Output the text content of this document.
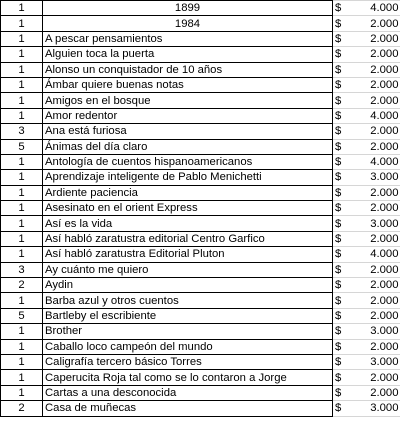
1	1899	$	4.000
1	1984	$	2.000
1	A pescar pensamientos	$	2.000
1	Alguien toca la puerta	$	2.000
1	Alonso un conquistador de 10 años	$	2.000
1	Ámbar quiere buenas notas	$	2.000
1	Amigos en el bosque	$	2.000
1	Amor redentor	$	4.000
3	Ana está furiosa	$	2.000
5	Ánimas del día claro	$	2.000
1	Antología de cuentos hispanoamericanos	$	4.000
1	Aprendizaje inteligente de Pablo Menichetti	$	3.000
1	Ardiente paciencia	$	2.000
1	Asesinato en el orient Express	$	2.000
1	Así es la vida	$	3.000
1	Así habló zaratustra editorial Centro Garfico	$	2.000
1	Así habló zaratustra Editorial Pluton	$	4.000
3	Ay cuánto me quiero	$	2.000
2	Aydin	$	2.000
1	Barba azul y otros cuentos	$	2.000
5	Bartleby el escribiente	$	2.000
1	Brother	$	3.000
1	Caballo loco campeón del mundo	$	2.000
1	Caligrafía tercero básico Torres	$	3.000
1	Caperucita Roja tal como se lo contaron a Jorge	$	2.000
1	Cartas a una desconocida	$	2.000
2	Casa de muñecas	$	3.000
